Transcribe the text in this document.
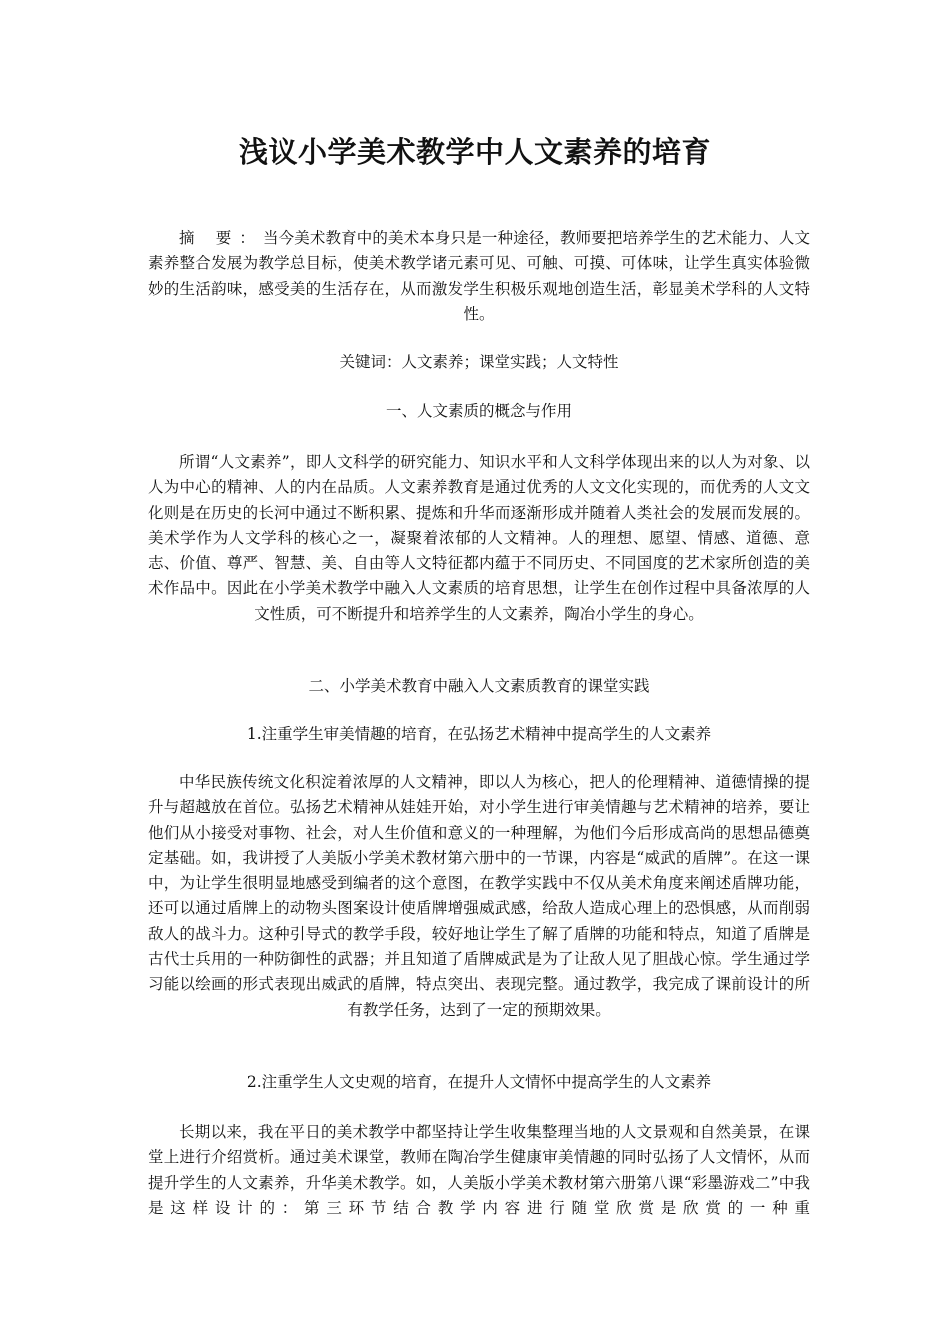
浅议小学美术教学中人文素养的培育

摘 要：当今美术教育中的美术本身只是一种途径，教师要把培养学生的艺术能力、人文素养整合发展为教学总目标，使美术教学诸元素可见、可触、可摸、可体味，让学生真实体验微妙的生活韵味，感受美的生活存在，从而激发学生积极乐观地创造生活，彰显美术学科的人文特性。

关键词：人文素养；课堂实践；人文特性

一、人文素质的概念与作用

所谓“人文素养”，即人文科学的研究能力、知识水平和人文科学体现出来的以人为对象、以人为中心的精神、人的内在品质。人文素养教育是通过优秀的人文文化实现的，而优秀的人文文化则是在历史的长河中通过不断积累、提炼和升华而逐渐形成并随着人类社会的发展而发展的。美术学作为人文学科的核心之一，凝聚着浓郁的人文精神。人的理想、愿望、情感、道德、意志、价值、尊严、智慧、美、自由等人文特征都内蕴于不同历史、不同国度的艺术家所创造的美术作品中。因此在小学美术教学中融入人文素质的培育思想，让学生在创作过程中具备浓厚的人文性质，可不断提升和培养学生的人文素养，陶冶小学生的身心。

二、小学美术教育中融入人文素质教育的课堂实践

1.注重学生审美情趣的培育，在弘扬艺术精神中提高学生的人文素养

中华民族传统文化积淀着浓厚的人文精神，即以人为核心，把人的伦理精神、道德情操的提升与超越放在首位。弘扬艺术精神从娃娃开始，对小学生进行审美情趣与艺术精神的培养，要让他们从小接受对事物、社会，对人生价值和意义的一种理解，为他们今后形成高尚的思想品德奠定基础。如，我讲授了人美版小学美术教材第六册中的一节课，内容是“威武的盾牌”。在这一课中，为让学生很明显地感受到编者的这个意图，在教学实践中不仅从美术角度来阐述盾牌功能，还可以通过盾牌上的动物头图案设计使盾牌增强威武感，给敌人造成心理上的恐惧感，从而削弱敌人的战斗力。这种引导式的教学手段，较好地让学生了解了盾牌的功能和特点，知道了盾牌是古代士兵用的一种防御性的武器；并且知道了盾牌威武是为了让敌人见了胆战心惊。学生通过学习能以绘画的形式表现出威武的盾牌，特点突出、表现完整。通过教学，我完成了课前设计的所有教学任务，达到了一定的预期效果。

2.注重学生人文史观的培育，在提升人文情怀中提高学生的人文素养

长期以来，我在平日的美术教学中都坚持让学生收集整理当地的人文景观和自然美景，在课堂上进行介绍赏析。通过美术课堂，教师在陶冶学生健康审美情趣的同时弘扬了人文情怀，从而提升学生的人文素养，升华美术教学。如，人美版小学美术教材第六册第八课“彩墨游戏二”中我是这样设计的：第三环节结合教学内容进行随堂欣赏是欣赏的一种重
